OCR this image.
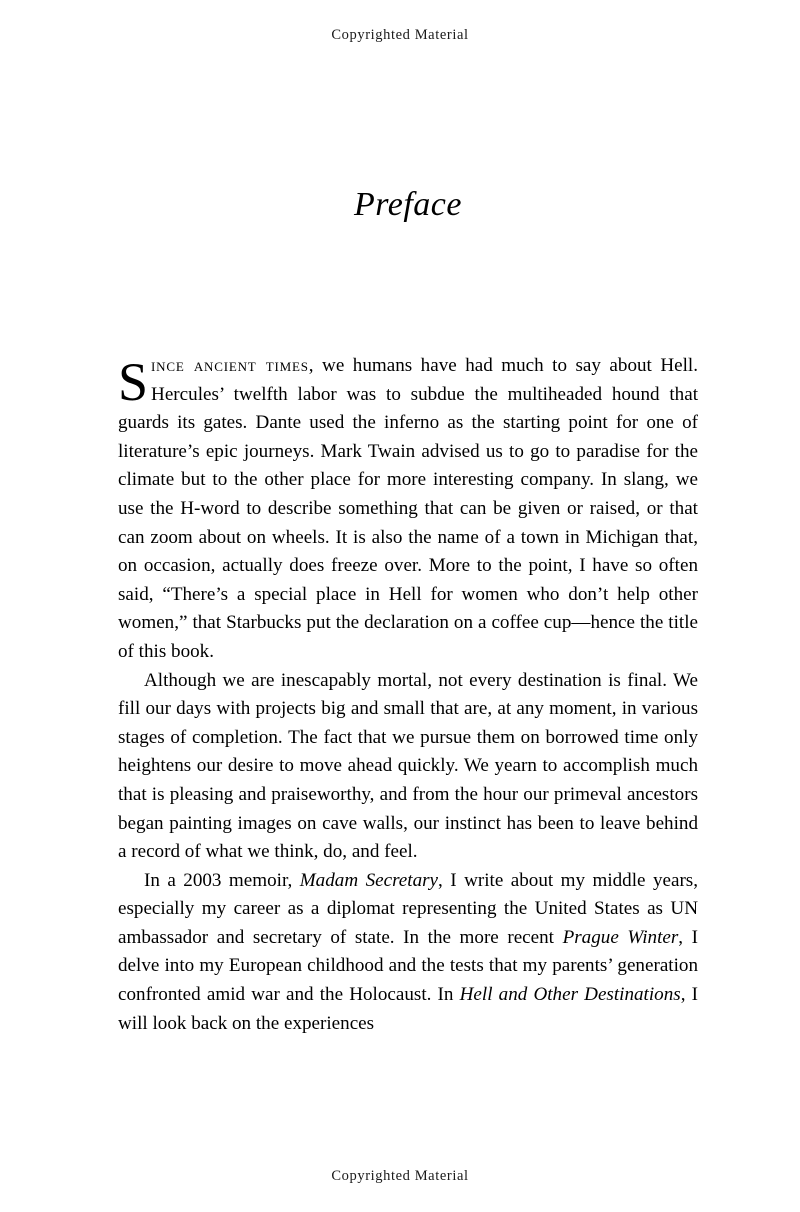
Copyrighted Material
Preface

Since ancient times, we humans have had much to say about Hell. Hercules’ twelfth labor was to subdue the multiheaded hound that guards its gates. Dante used the inferno as the starting point for one of literature’s epic journeys. Mark Twain advised us to go to paradise for the climate but to the other place for more interesting company. In slang, we use the H-word to describe something that can be given or raised, or that can zoom about on wheels. It is also the name of a town in Michigan that, on occasion, actually does freeze over. More to the point, I have so often said, “There’s a special place in Hell for women who don’t help other women,” that Starbucks put the declaration on a coffee cup—hence the title of this book.

Although we are inescapably mortal, not every destination is final. We fill our days with projects big and small that are, at any moment, in various stages of completion. The fact that we pursue them on borrowed time only heightens our desire to move ahead quickly. We yearn to accomplish much that is pleasing and praiseworthy, and from the hour our primeval ancestors began painting images on cave walls, our instinct has been to leave behind a record of what we think, do, and feel.

In a 2003 memoir, Madam Secretary, I write about my middle years, especially my career as a diplomat representing the United States as UN ambassador and secretary of state. In the more recent Prague Winter, I delve into my European childhood and the tests that my parents’ generation confronted amid war and the Holocaust. In Hell and Other Destinations, I will look back on the experiences

Copyrighted Material
